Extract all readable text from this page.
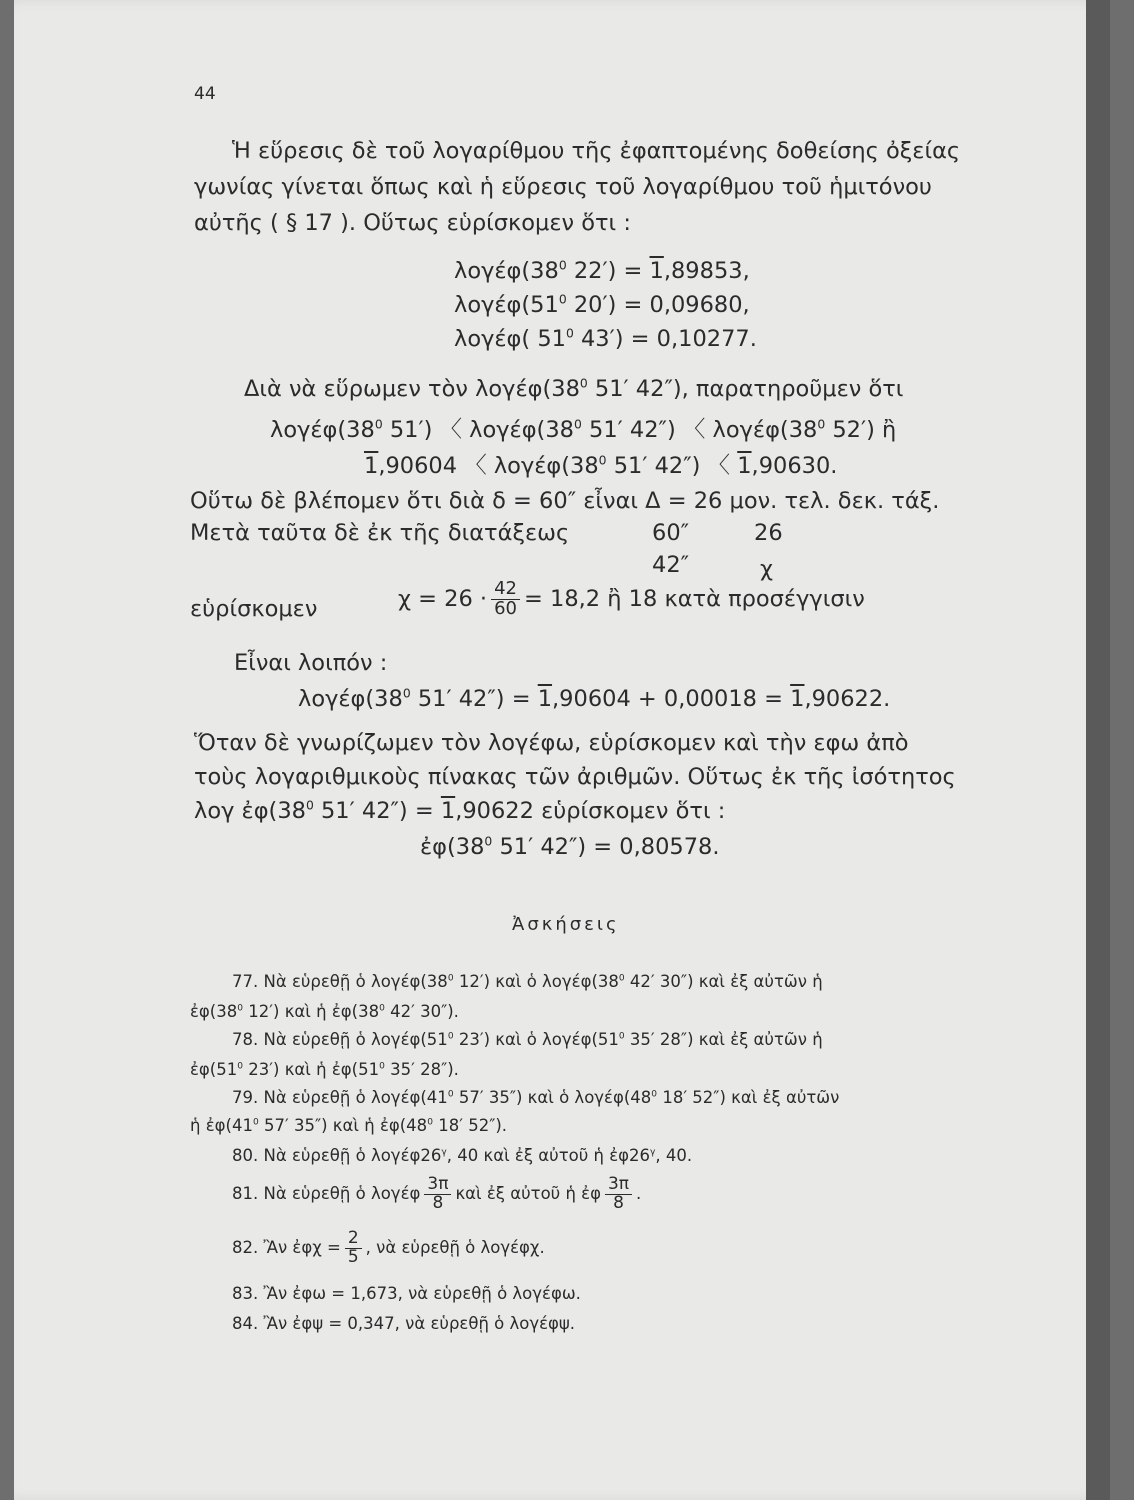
44
Ἡ εὕρεσις δὲ τοῦ λογαρίθμου τῆς ἐφαπτομένης δοθείσης ὀξείας
γωνίας γίνεται ὅπως καὶ ἡ εὕρεσις τοῦ λογαρίθμου τοῦ ἡμιτόνου
αὐτῆς ( § 17 ). Οὕτως εὑρίσκομεν ὅτι :
$\lambda o\gamma έ\varphi(38^0$ 22′) = 1,89853,
$\lambda o\gamma έ\varphi(51^0$ 20′) = 0,09680,
λογέφ( $51^0$ 43′) = 0,10277.
Διὰ νὰ εὕρωμεν τὸν $\lambda o\gamma έ\varphi(38^0$ 51′ 42″), παρατηροῦμεν ὅτι
$\lambda o\gamma έ\varphi(38^0$ 51′) 〈 $\lambda o\gamma έ\varphi(38^0$ 51′ 42″) 〈 $\lambda o\gamma έ\varphi(38^0$ 52′) ἢ
1,90604 〈 $\lambda o\gamma έ\varphi(38^0$ 51′ 42″) 〈 1,90630.
Οὕτω δὲ βλέπομεν ὅτι διὰ δ = 60″ εἶναι Δ = 26 μον. τελ. δεκ. τάξ.
Μετὰ ταῦτα δὲ ἐκ τῆς διατάξεως	60″	26
42″	χ
εὑρίσκομεν	$\chi = 26 \cdot \frac{42}{60} = 18,2$ ἢ 18 κατὰ προσέγγισιν
Εἶναι λοιπόν :
$\lambda o\gamma έ\varphi(38^0$ 51′ 42″) = 1,90604 + 0,00018 = 1,90622.
Ὅταν δὲ γνωρίζωμεν τὸν λογέφω, εὑρίσκομεν καὶ τὴν εφω ἀπὸ
τοὺς λογαριθμικοὺς πίνακας τῶν ἀριθμῶν. Οὕτως ἐκ τῆς ἰσότητος
λογ $ἐ\varphi(38^0$ 51′ 42″) = 1,90622 εὑρίσκομεν ὅτι :
$ἐ\varphi(38^0$ 51′ 42″) = 0,80578.
Ἀσκήσεις
77. Νὰ εὑρεθῇ ὁ $\lambda o\gamma έ\varphi(38^0$ 12′) καὶ ὁ $\lambda o\gamma έ\varphi(38^0$ 42′ 30″) καὶ ἐξ αὐτῶν ἡ
$ἐ\varphi(38^0$ 12′) καὶ ἡ $ἐ\varphi(38^0$ 42′ 30″).
78. Νὰ εὑρεθῇ ὁ $\lambda o\gamma έ\varphi(51^0$ 23′) καὶ ὁ $\lambda o\gamma έ\varphi(51^0$ 35′ 28″) καὶ ἐξ αὐτῶν ἡ
$ἐ\varphi(51^0$ 23′) καὶ ἡ $ἐ\varphi(51^0$ 35′ 28″).
79. Νὰ εὑρεθῇ ὁ $\lambda o\gamma έ\varphi(41^0$ 57′ 35″) καὶ ὁ $\lambda o\gamma έ\varphi(48^0$ 18′ 52″) καὶ ἐξ αὐτῶν
ἡ $ἐ\varphi(41^0$ 57′ 35″) καὶ ἡ $ἐ\varphi(48^0$ 18′ 52″).
80. Νὰ εὑρεθῇ ὁ $\lambda o\gamma έ\varphi 26^\gamma$, 40 καὶ ἐξ αὐτοῦ ἡ $ἐ\varphi 26^\gamma$, 40.
81. Νὰ εὑρεθῇ ὁ λογέφ $\frac{3\pi}{8}$ καὶ ἐξ αὐτοῦ ἡ ἐφ $\frac{3\pi}{8}$ .
82. Ἂν ἐφχ = $\frac{2}{5}$ , νὰ εὑρεθῇ ὁ λογέφχ.
83. Ἂν ἐφω = 1,673, νὰ εὑρεθῇ ὁ λογέφω.
84. Ἂν ἐφψ = 0,347, νὰ εὑρεθῇ ὁ λογέφψ.
